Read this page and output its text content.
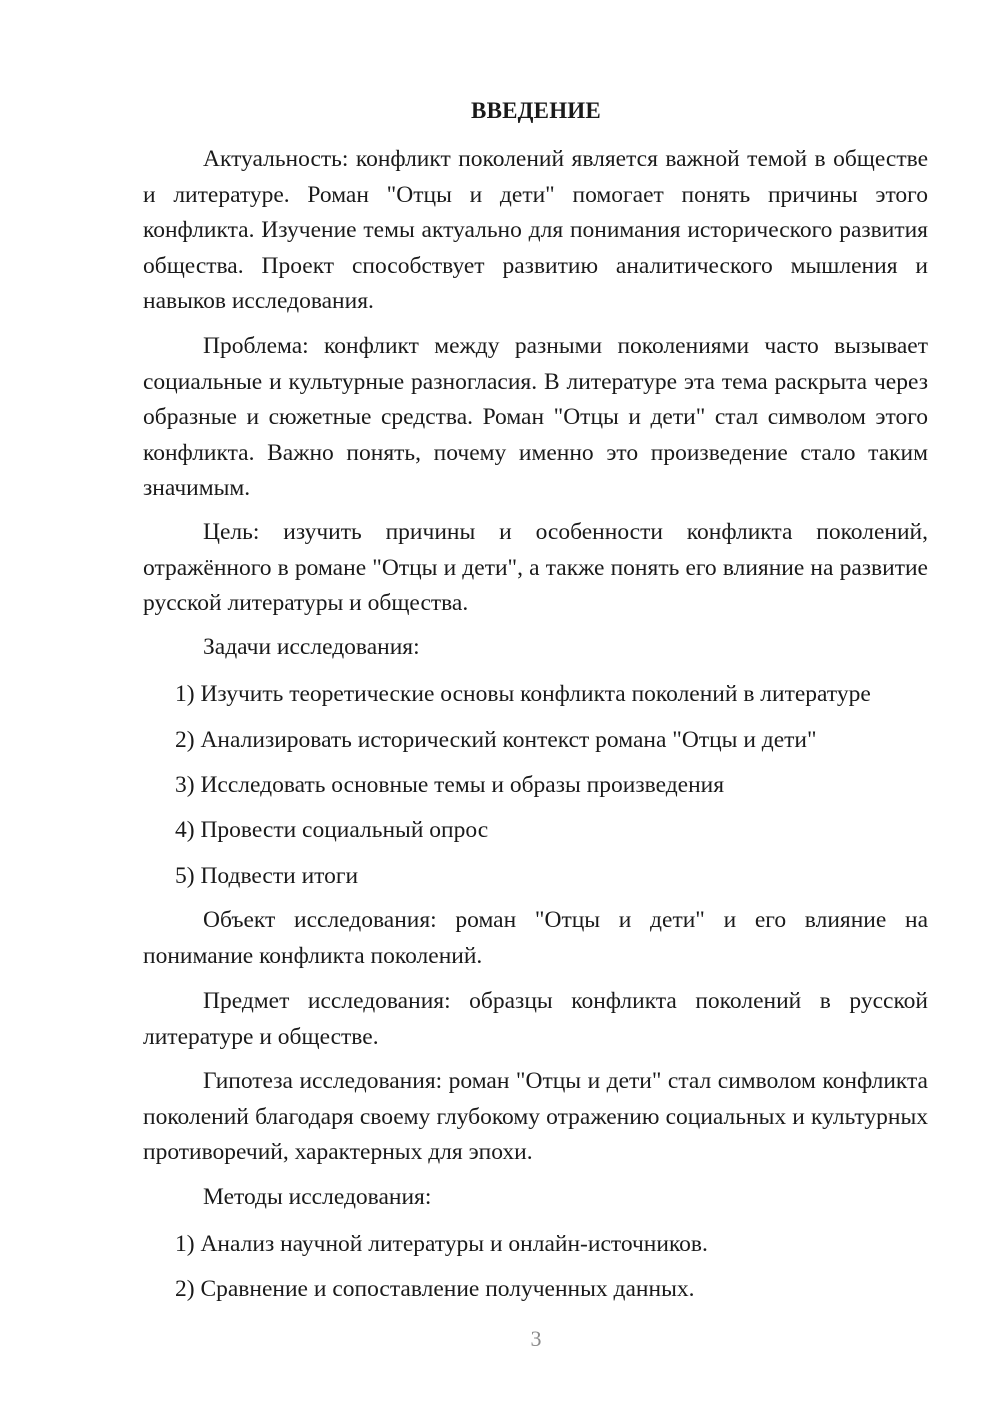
ВВЕДЕНИЕ

Актуальность: конфликт поколений является важной темой в обществе и литературе. Роман "Отцы и дети" помогает понять причины этого конфликта. Изучение темы актуально для понимания исторического развития общества. Проект способствует развитию аналитического мышления и навыков исследования.

Проблема: конфликт между разными поколениями часто вызывает социальные и культурные разногласия. В литературе эта тема раскрыта через образные и сюжетные средства. Роман "Отцы и дети" стал символом этого конфликта. Важно понять, почему именно это произведение стало таким значимым.

Цель: изучить причины и особенности конфликта поколений, отражённого в романе "Отцы и дети", а также понять его влияние на развитие русской литературы и общества.

Задачи исследования:

1) Изучить теоретические основы конфликта поколений в литературе

2) Анализировать исторический контекст романа "Отцы и дети"

3) Исследовать основные темы и образы произведения

4) Провести социальный опрос

5) Подвести итоги

Объект исследования: роман "Отцы и дети" и его влияние на понимание конфликта поколений.

Предмет исследования: образцы конфликта поколений в русской литературе и обществе.

Гипотеза исследования: роман "Отцы и дети" стал символом конфликта поколений благодаря своему глубокому отражению социальных и культурных противоречий, характерных для эпохи.

Методы исследования:

1) Анализ научной литературы и онлайн-источников.

2) Сравнение и сопоставление полученных данных.

3
